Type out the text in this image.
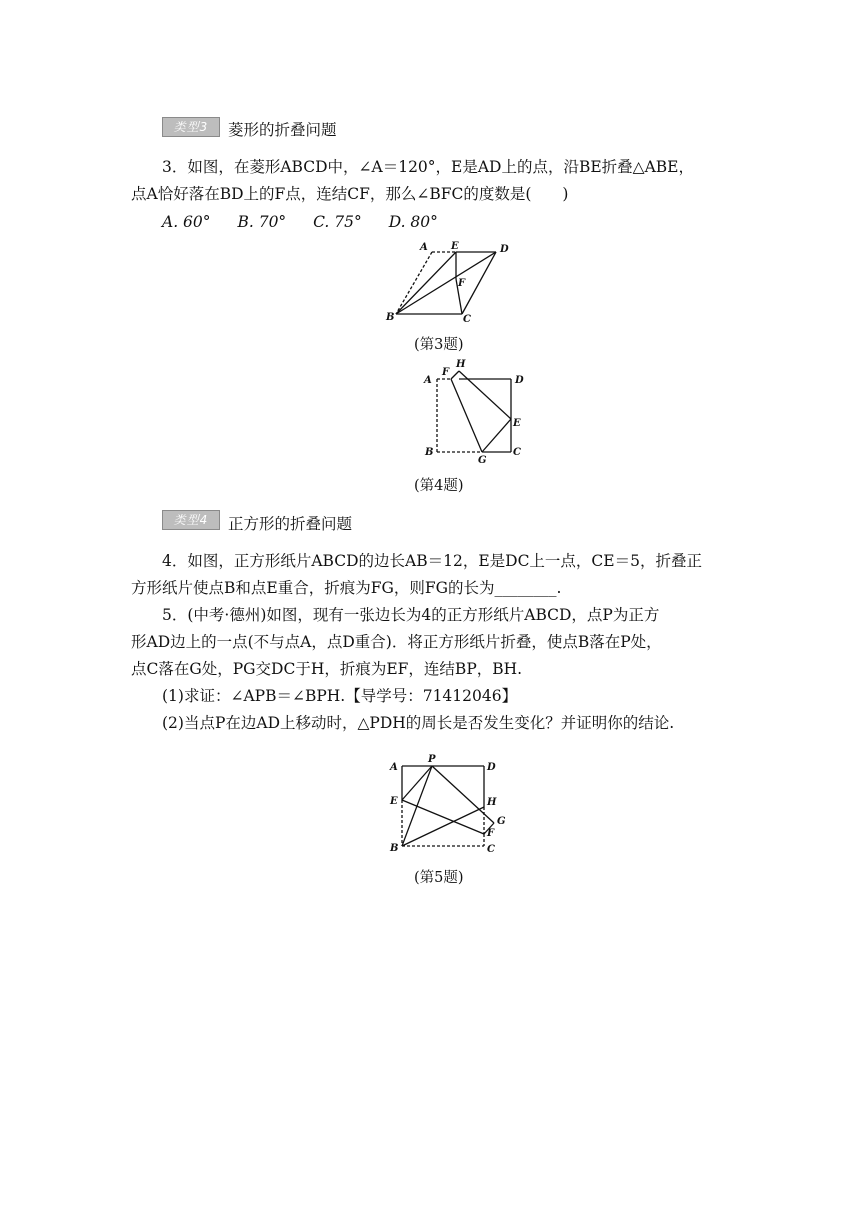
类型3	菱形的折叠问题
3．如图，在菱形ABCD中，∠A＝120°，E是AD上的点，沿BE折叠△ABE，
点A恰好落在BD上的F点，连结CF，那么∠BFC的度数是(　　)
A. 60° B. 70° C. 75° D. 80°
A E	D
F
B	C
(第3题)
A
F
H
D
E
B
G
C
(第4题)
类型4	正方形的折叠问题
4．如图，正方形纸片ABCD的边长AB＝12，E是DC上一点，CE＝5，折叠正
方形纸片使点B和点E重合，折痕为FG，则FG的长为________.
5．(中考·德州)如图，现有一张边长为4的正方形纸片ABCD，点P为正方
形AD边上的一点(不与点A，点D重合)．将正方形纸片折叠，使点B落在P处，
点C落在G处，PG交DC于H，折痕为EF，连结BP，BH.
(1)求证：∠APB＝∠BPH.【导学号：71412046】
(2)当点P在边AD上移动时，△PDH的周长是否发生变化？并证明你的结论.
A
P
D
E	H
G
F
B	C
(第5题)
